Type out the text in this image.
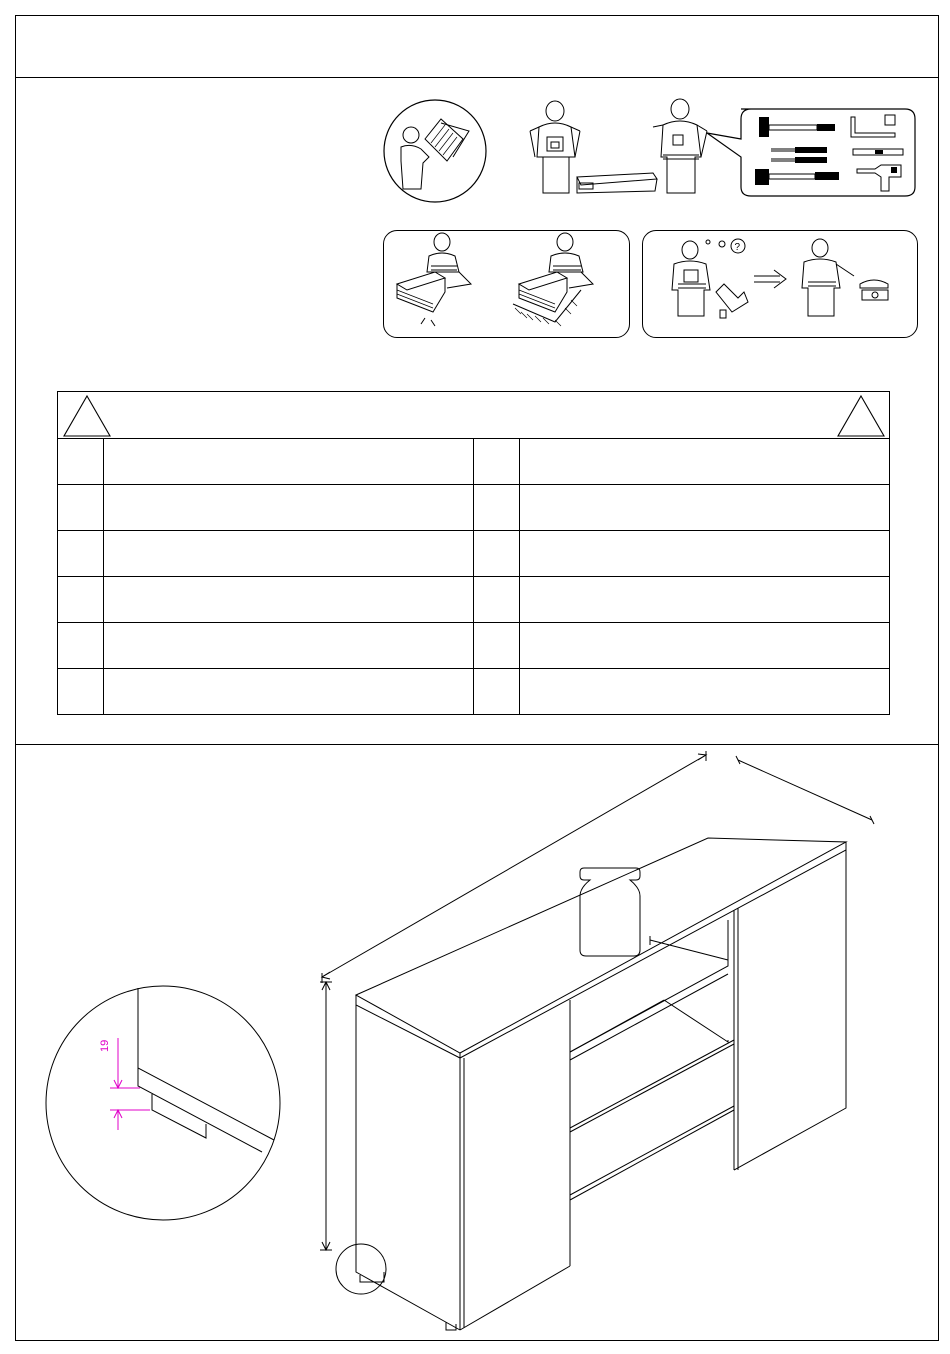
?
19
